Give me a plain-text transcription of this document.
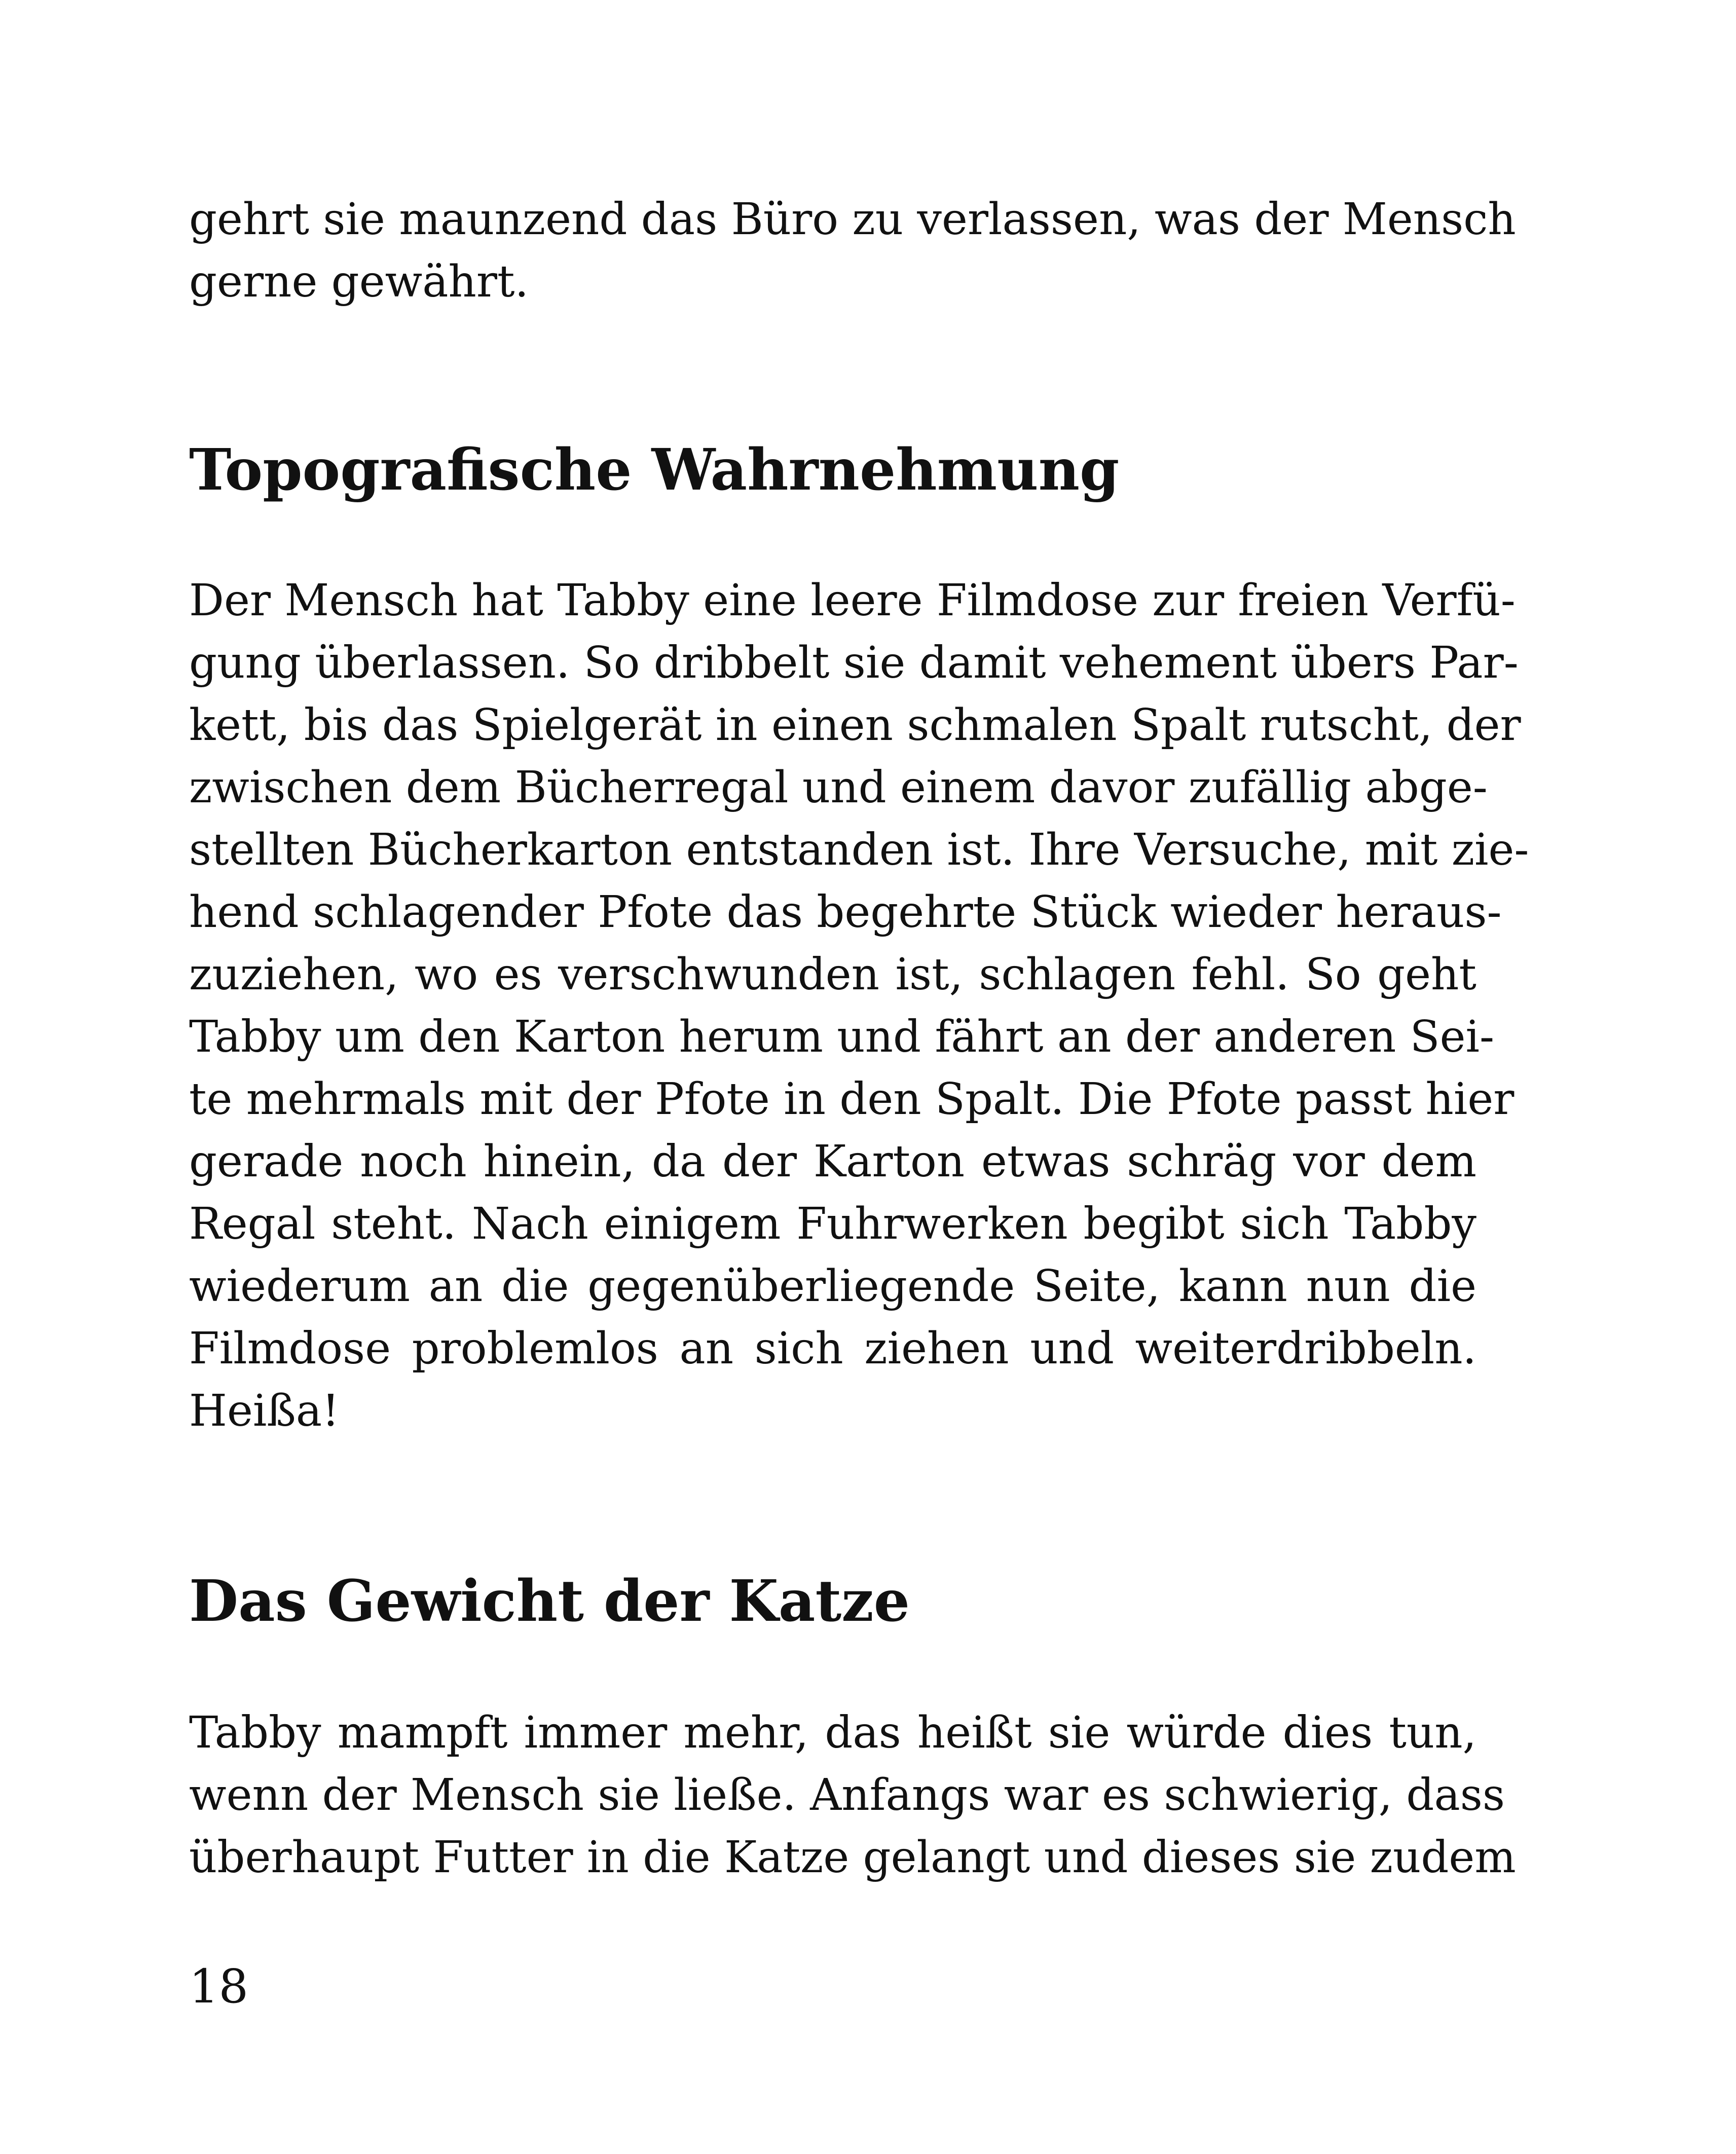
gehrt sie maunzend das Büro zu verlassen, was der Mensch
gerne gewährt.
Topografische Wahrnehmung
Der Mensch hat Tabby eine leere Filmdose zur freien Verfü-
gung überlassen. So dribbelt sie damit vehement übers Par-
kett, bis das Spielgerät in einen schmalen Spalt rutscht, der
zwischen dem Bücherregal und einem davor zufällig abge-
stellten Bücherkarton entstanden ist. Ihre Versuche, mit zie-
hend schlagender Pfote das begehrte Stück wieder heraus-
zuziehen, wo es verschwunden ist, schlagen fehl. So geht
Tabby um den Karton herum und fährt an der anderen Sei-
te mehrmals mit der Pfote in den Spalt. Die Pfote passt hier
gerade noch hinein, da der Karton etwas schräg vor dem
Regal steht. Nach einigem Fuhrwerken begibt sich Tabby
wiederum an die gegenüberliegende Seite, kann nun die
Filmdose problemlos an sich ziehen und weiterdribbeln.
Heißa!
Das Gewicht der Katze
Tabby mampft immer mehr, das heißt sie würde dies tun,
wenn der Mensch sie ließe. Anfangs war es schwierig, dass
überhaupt Futter in die Katze gelangt und dieses sie zudem
18
